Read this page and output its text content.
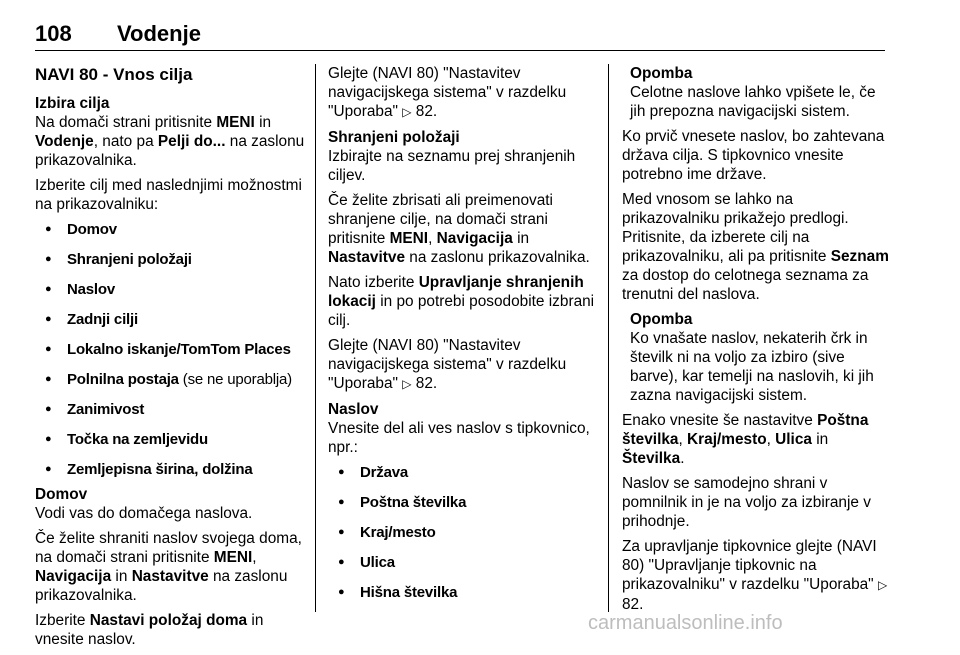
108 Vodenje
NAVI 80 - Vnos cilja
Izbira cilja

Na domači strani pritisnite MENI in Vodenje, nato pa Pelji do... na zaslonu prikazovalnika.

Izberite cilj med naslednjimi možnostmi na prikazovalniku:

● Domov
● Shranjeni položaji
● Naslov
● Zadnji cilji
● Lokalno iskanje/TomTom Places
● Polnilna postaja (se ne uporablja)
● Zanimivost
● Točka na zemljevidu
● Zemljepisna širina, dolžina
Domov

Vodi vas do domačega naslova.

Če želite shraniti naslov svojega doma, na domači strani pritisnite MENI, Navigacija in Nastavitve na zaslonu prikazovalnika.

Izberite Nastavi položaj doma in vnesite naslov.

Glejte (NAVI 80) "Nastavitev navigacijskega sistema" v razdelku "Uporaba" ▷ 82.

Shranjeni položaji

Izbirajte na seznamu prej shranjenih ciljev.

Če želite zbrisati ali preimenovati shranjene cilje, na domači strani pritisnite MENI, Navigacija in Nastavitve na zaslonu prikazovalnika.

Nato izberite Upravljanje shranjenih lokacij in po potrebi posodobite izbrani cilj.

Glejte (NAVI 80) "Nastavitev navigacijskega sistema" v razdelku "Uporaba" ▷ 82.

Naslov

Vnesite del ali ves naslov s tipkovnico, npr.:

● Država
● Poštna številka
● Kraj/mesto
● Ulica
● Hišna številka
Opomba
Celotne naslove lahko vpišete le, če jih prepozna navigacijski sistem.

Ko prvič vnesete naslov, bo zahtevana država cilja. S tipkovnico vnesite potrebno ime države.

Med vnosom se lahko na prikazovalniku prikažejo predlogi. Pritisnite, da izberete cilj na prikazovalniku, ali pa pritisnite Seznam za dostop do celotnega seznama za trenutni del naslova.

Opomba
Ko vnašate naslov, nekaterih črk in številk ni na voljo za izbiro (sive barve), kar temelji na naslovih, ki jih zazna navigacijski sistem.

Enako vnesite še nastavitve Poštna številka, Kraj/mesto, Ulica in Številka.

Naslov se samodejno shrani v pomnilnik in je na voljo za izbiranje v prihodnje.

Za upravljanje tipkovnice glejte (NAVI 80) "Upravljanje tipkovnic na prikazovalniku" v razdelku "Uporaba" ▷ 82.

carmanualsonline.info
